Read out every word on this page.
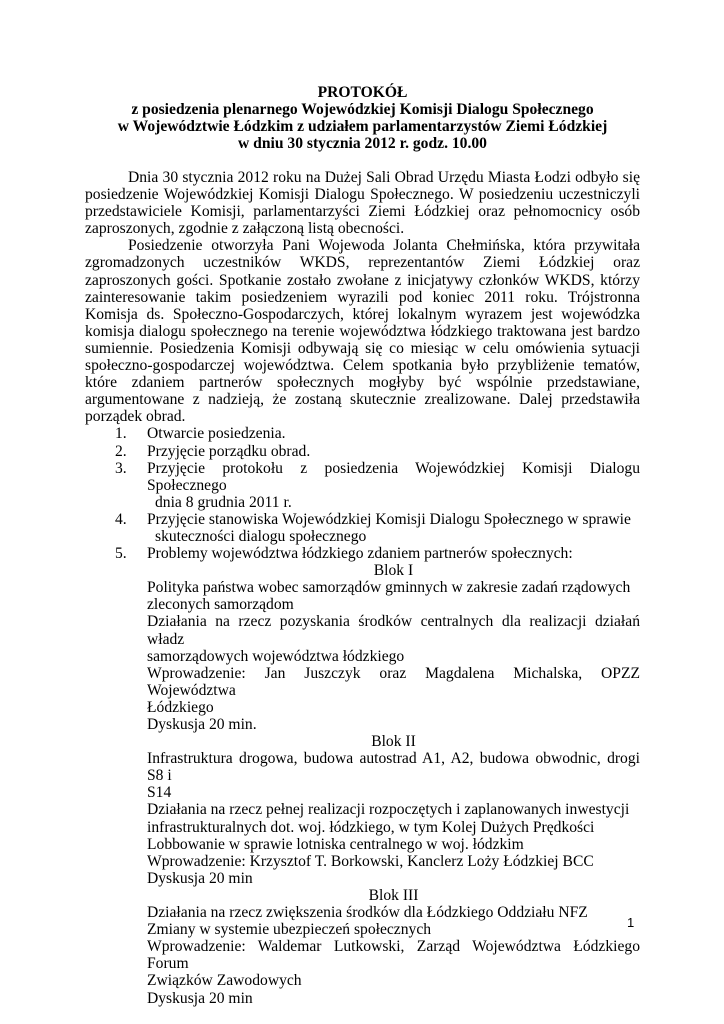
PROTOKÓŁ
z posiedzenia plenarnego Wojewódzkiej Komisji Dialogu Społecznego
w Województwie Łódzkim z udziałem parlamentarzystów Ziemi Łódzkiej
w dniu 30 stycznia 2012 r. godz. 10.00

Dnia 30 stycznia 2012 roku na Dużej Sali Obrad Urzędu Miasta Łodzi odbyło się posiedzenie Wojewódzkiej Komisji Dialogu Społecznego. W posiedzeniu uczestniczyli przedstawiciele Komisji, parlamentarzyści Ziemi Łódzkiej oraz pełnomocnicy osób zaproszonych, zgodnie z załączoną listą obecności.

Posiedzenie otworzyła Pani Wojewoda Jolanta Chełmińska, która przywitała zgromadzonych uczestników WKDS, reprezentantów Ziemi Łódzkiej oraz zaproszonych gości. Spotkanie zostało zwołane z inicjatywy członków WKDS, którzy zainteresowanie takim posiedzeniem wyrazili pod koniec 2011 roku. Trójstronna Komisja ds. Społeczno-Gospodarczych, której lokalnym wyrazem jest wojewódzka komisja dialogu społecznego na terenie województwa łódzkiego traktowana jest bardzo sumiennie. Posiedzenia Komisji odbywają się co miesiąc w celu omówienia sytuacji społeczno-gospodarczej województwa. Celem spotkania było przybliżenie tematów, które zdaniem partnerów społecznych mogłyby być wspólnie przedstawiane, argumentowane z nadzieją, że zostaną skutecznie zrealizowane. Dalej przedstawiła porządek obrad.

1.	Otwarcie posiedzenia.
2.	Przyjęcie porządku obrad.
3.	Przyjęcie protokołu z posiedzenia Wojewódzkiej Komisji Dialogu Społecznego
dnia 8 grudnia 2011 r.
4.	Przyjęcie stanowiska Wojewódzkiej Komisji Dialogu Społecznego w sprawie
skuteczności dialogu społecznego
5.	Problemy województwa łódzkiego zdaniem partnerów społecznych:
Blok I
Polityka państwa wobec samorządów gminnych w zakresie zadań rządowych
zleconych samorządom
Działania na rzecz pozyskania środków centralnych dla realizacji działań władz
samorządowych województwa łódzkiego
Wprowadzenie: Jan Juszczyk oraz Magdalena Michalska, OPZZ Województwa
Łódzkiego
Dyskusja 20 min.
Blok II
Infrastruktura drogowa, budowa autostrad A1, A2, budowa obwodnic, drogi S8 i
S14
Działania na rzecz pełnej realizacji rozpoczętych i zaplanowanych inwestycji
infrastrukturalnych dot. woj. łódzkiego, w tym Kolej Dużych Prędkości
Lobbowanie w sprawie lotniska centralnego w woj. łódzkim
Wprowadzenie: Krzysztof T. Borkowski, Kanclerz Loży Łódzkiej BCC
Dyskusja 20 min
Blok III
Działania na rzecz zwiększenia środków dla Łódzkiego Oddziału NFZ
Zmiany w systemie ubezpieczeń społecznych
Wprowadzenie: Waldemar Lutkowski, Zarząd Województwa Łódzkiego Forum
Związków Zawodowych
Dyskusja 20 min
1
